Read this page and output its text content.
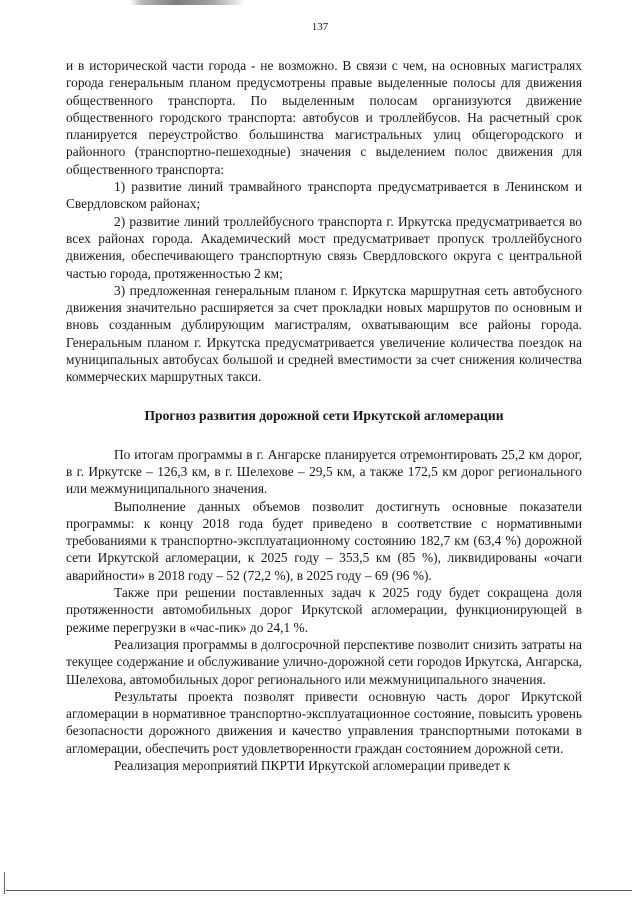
137

и в исторической части города - не возможно. В связи с чем, на основных магистралях города генеральным планом предусмотрены правые выделенные полосы для движения общественного транспорта. По выделенным полосам организуются движение общественного городского транспорта: автобусов и троллейбусов. На расчетный срок планируется переустройство большинства магистральных улиц общегородского и районного (транспортно-пешеходные) значения с выделением полос движения для общественного транспорта:

1) развитие линий трамвайного транспорта предусматривается в Ленинском и Свердловском районах;

2) развитие линий троллейбусного транспорта г. Иркутска предусматривается во всех районах города. Академический мост предусматривает пропуск троллейбусного движения, обеспечивающего транспортную связь Свердловского округа с центральной частью города, протяженностью 2 км;

3) предложенная генеральным планом г. Иркутска маршрутная сеть автобусного движения значительно расширяется за счет прокладки новых маршрутов по основным и вновь созданным дублирующим магистралям, охватывающим все районы города. Генеральным планом г. Иркутска предусматривается увеличение количества поездок на муниципальных автобусах большой и средней вместимости за счет снижения количества коммерческих маршрутных такси.

Прогноз развития дорожной сети Иркутской агломерации

По итогам программы в г. Ангарске планируется отремонтировать 25,2 км дорог, в г. Иркутске – 126,3 км, в г. Шелехове – 29,5 км, а также 172,5 км дорог регионального или межмуниципального значения.

Выполнение данных объемов позволит достигнуть основные показатели программы: к концу 2018 года будет приведено в соответствие с нормативными требованиями к транспортно-эксплуатационному состоянию 182,7 км (63,4 %) дорожной сети Иркутской агломерации, к 2025 году – 353,5 км (85 %), ликвидированы «очаги аварийности» в 2018 году – 52 (72,2 %), в 2025 году – 69 (96 %).

Также при решении поставленных задач к 2025 году будет сокращена доля протяженности автомобильных дорог Иркутской агломерации, функционирующей в режиме перегрузки в «час-пик» до 24,1 %.

Реализация программы в долгосрочной перспективе позволит снизить затраты на текущее содержание и обслуживание улично-дорожной сети городов Иркутска, Ангарска, Шелехова, автомобильных дорог регионального или межмуниципального значения.

Результаты проекта позволят привести основную часть дорог Иркутской агломерации в нормативное транспортно-эксплуатационное состояние, повысить уровень безопасности дорожного движения и качество управления транспортными потоками в агломерации, обеспечить рост удовлетворенности граждан состоянием дорожной сети.

Реализация мероприятий ПКРТИ Иркутской агломерации приведет к
